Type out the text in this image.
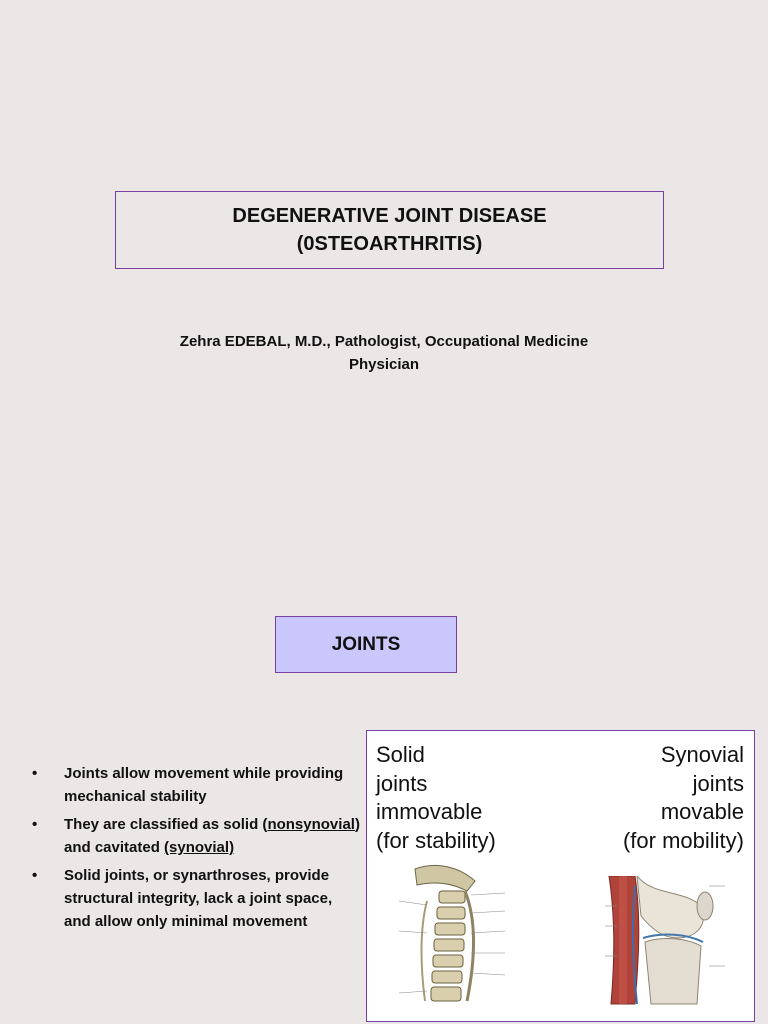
DEGENERATIVE JOINT DISEASE
(0STEOARTHRITIS)
Zehra EDEBAL, M.D., Pathologist, Occupational Medicine
Physician
JOINTS
• Joints allow movement while providing mechanical stability
• They are classified as solid (nonsynovial) and cavitated (synovial)
• Solid joints, or synarthroses, provide structural integrity, lack a joint space, and allow only minimal movement
Solid
joints
immovable
(for stability)
Synovial
joints
movable
(for mobility)
